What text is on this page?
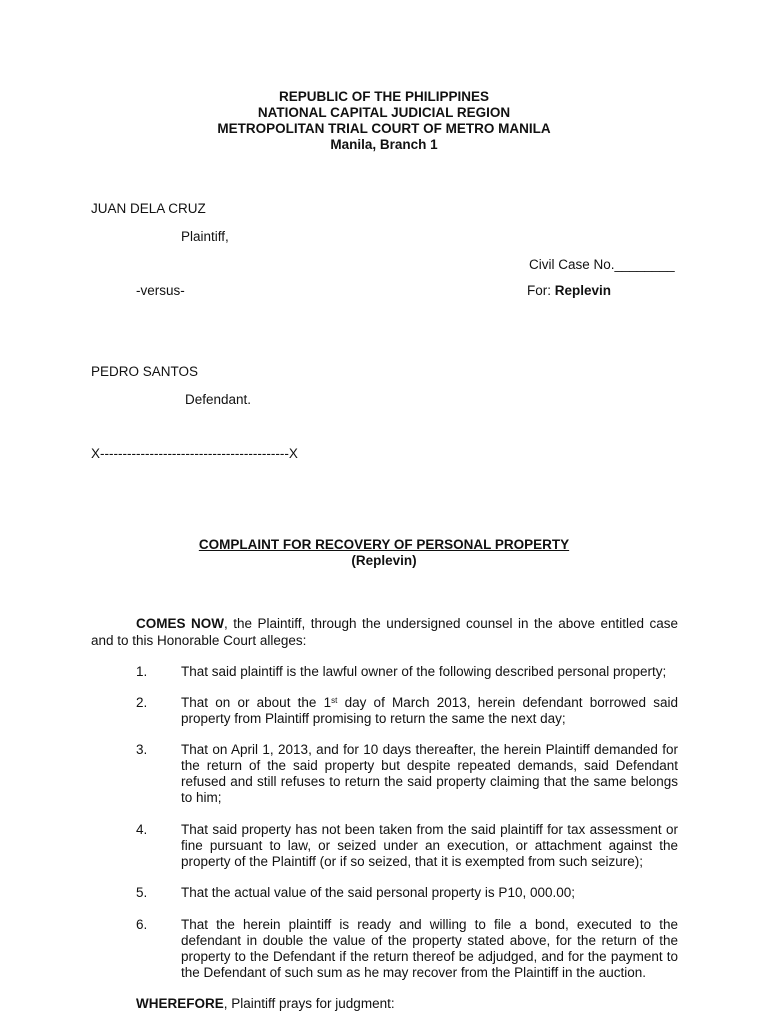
REPUBLIC OF THE PHILIPPINES
NATIONAL CAPITAL JUDICIAL REGION
METROPOLITAN TRIAL COURT OF METRO MANILA
Manila, Branch 1
JUAN DELA CRUZ
Plaintiff,
Civil Case No.________
-versus-	For: Replevin
PEDRO SANTOS
Defendant.
X------------------------------------------X
COMPLAINT FOR RECOVERY OF PERSONAL PROPERTY
(Replevin)
COMES NOW, the Plaintiff, through the undersigned counsel in the above entitled case and to this Honorable Court alleges:
1.	That said plaintiff is the lawful owner of the following described personal property;
2.	That on or about the 1st day of March 2013, herein defendant borrowed said property from Plaintiff promising to return the same the next day;
3.	That on April 1, 2013, and for 10 days thereafter, the herein Plaintiff demanded for the return of the said property but despite repeated demands, said Defendant refused and still refuses to return the said property claiming that the same belongs to him;
4.	That said property has not been taken from the said plaintiff for tax assessment or fine pursuant to law, or seized under an execution, or attachment against the property of the Plaintiff (or if so seized, that it is exempted from such seizure);
5.	That the actual value of the said personal property is P10, 000.00;
6.	That the herein plaintiff is ready and willing to file a bond, executed to the defendant in double the value of the property stated above, for the return of the property to the Defendant if the return thereof be adjudged, and for the payment to the Defendant of such sum as he may recover from the Plaintiff in the auction.
WHEREFORE, Plaintiff prays for judgment:
